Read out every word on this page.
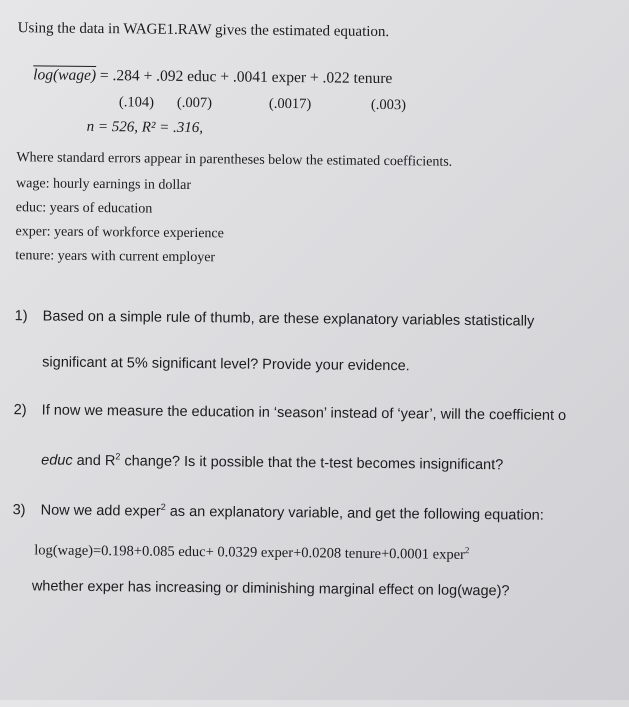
Using the data in WAGE1.RAW gives the estimated equation.
log(wage) = .284 + .092 educ + .0041 exper + .022 tenure
(.104) (.007)	(.0017)	(.003)
n = 526, R² = .316,
Where standard errors appear in parentheses below the estimated coefficients.
wage: hourly earnings in dollar
educ: years of education
exper: years of workforce experience
tenure: years with current employer
1) Based on a simple rule of thumb, are these explanatory variables statistically
significant at 5% significant level? Provide your evidence.
2) If now we measure the education in ‘season’ instead of ‘year’, will the coefficient o
educ and $R^2$ change? Is it possible that the t-test becomes insignificant?
3) Now we add exper$^2$ as an explanatory variable, and get the following equation:
log(wage)=0.198+0.085 educ+ 0.0329 exper+0.0208 tenure+0.0001 exper$^2$
whether exper has increasing or diminishing marginal effect on log(wage)?
